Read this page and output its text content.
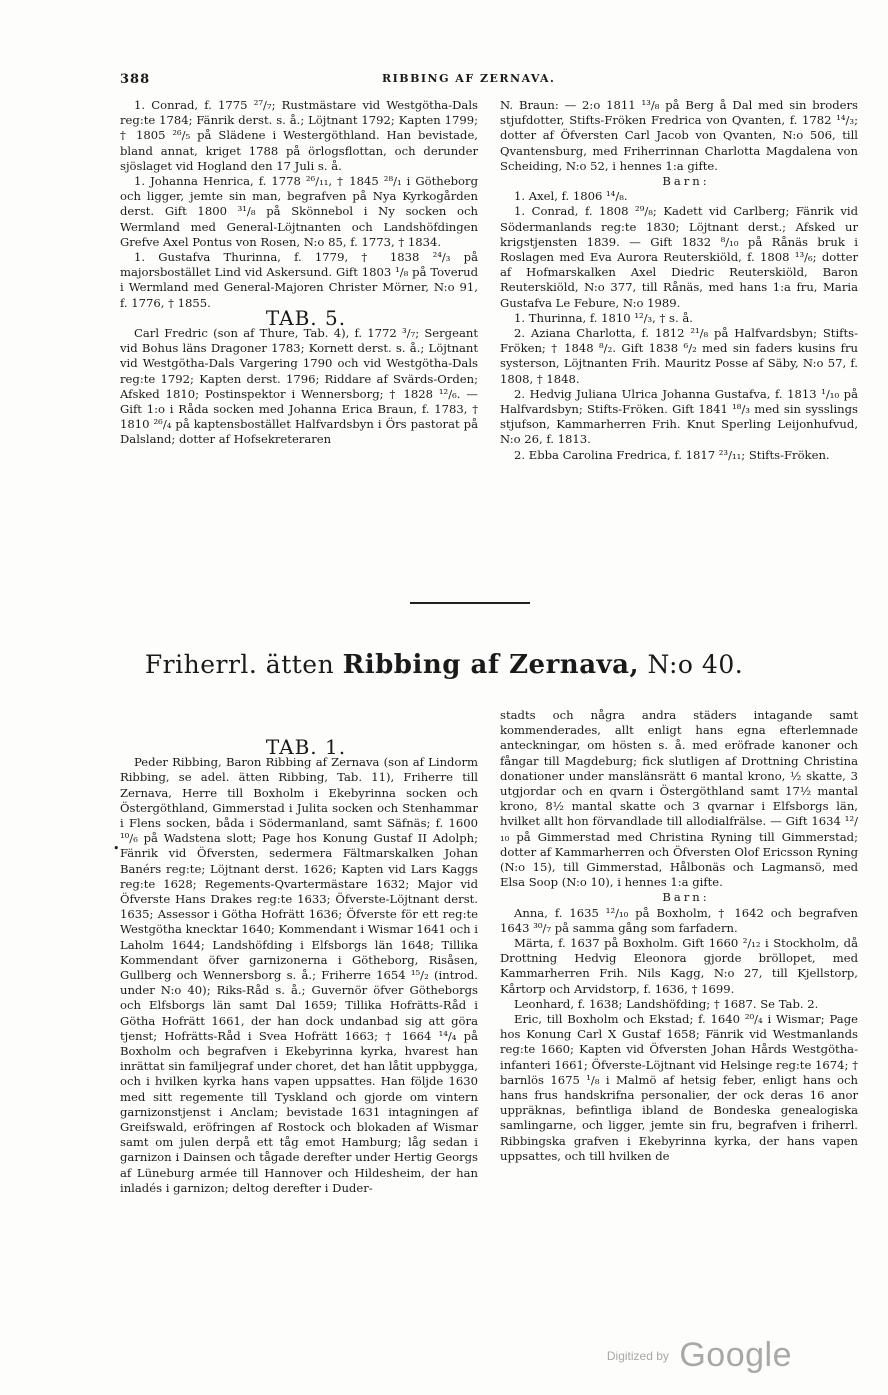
388	RIBBING AF ZERNAVA.

1. Conrad, f. 1775 ²⁷/₇; Rustmästare vid Westgötha-Dals reg:te 1784; Fänrik derst. s. å.; Löjtnant 1792; Kapten 1799; † 1805 ²⁶/₅ på Slädene i Westergöthland. Han bevistade, bland annat, kriget 1788 på örlogsflottan, och derunder sjöslaget vid Hogland den 17 Juli s. å.

1. Johanna Henrica, f. 1778 ²⁶/₁₁, † 1845 ²⁸/₁ i Götheborg och ligger, jemte sin man, begrafven på Nya Kyrkogården derst. Gift 1800 ³¹/₈ på Skönnebol i Ny socken och Wermland med General-Löjtnanten och Landshöfdingen Grefve Axel Pontus von Rosen, N:o 85, f. 1773, † 1834.

1. Gustafva Thurinna, f. 1779, † 1838 ²⁴/₃ på majorsbostället Lind vid Askersund. Gift 1803 ¹/₈ på Toverud i Wermland med General-Majoren Christer Mörner, N:o 91, f. 1776, † 1855.

TAB. 5.

Carl Fredric (son af Thure, Tab. 4), f. 1772 ³/₇; Sergeant vid Bohus läns Dragoner 1783; Kornett derst. s. å.; Löjtnant vid Westgötha-Dals Vargering 1790 och vid Westgötha-Dals reg:te 1792; Kapten derst. 1796; Riddare af Svärds-Orden; Afsked 1810; Postinspektor i Wennersborg; † 1828 ¹²/₆. — Gift 1:o i Råda socken med Johanna Erica Braun, f. 1783, † 1810 ²⁶/₄ på kaptensbostället Halfvardsbyn i Örs pastorat på Dalsland; dotter af Hofsekreteraren

N. Braun: — 2:o 1811 ¹³/₈ på Berg å Dal med sin broders stjufdotter, Stifts-Fröken Fredrica von Qvanten, f. 1782 ¹⁴/₃; dotter af Öfversten Carl Jacob von Qvanten, N:o 506, till Qvantensburg, med Friherrinnan Charlotta Magdalena von Scheiding, N:o 52, i hennes 1:a gifte.

Barn:

1. Axel, f. 1806 ¹⁴/₈.

1. Conrad, f. 1808 ²⁹/₈; Kadett vid Carlberg; Fänrik vid Södermanlands reg:te 1830; Löjtnant derst.; Afsked ur krigstjensten 1839. — Gift 1832 ⁸/₁₀ på Rånäs bruk i Roslagen med Eva Aurora Reuterskiöld, f. 1808 ¹³/₆; dotter af Hofmarskalken Axel Diedric Reuterskiöld, Baron Reuterskiöld, N:o 377, till Rånäs, med hans 1:a fru, Maria Gustafva Le Febure, N:o 1989.

1. Thurinna, f. 1810 ¹²/₃, † s. å.

2. Aziana Charlotta, f. 1812 ²¹/₈ på Halfvardsbyn; Stifts-Fröken; † 1848 ⁸/₂. Gift 1838 ⁶/₂ med sin faders kusins fru systerson, Löjtnanten Frih. Mauritz Posse af Säby, N:o 57, f. 1808, † 1848.

2. Hedvig Juliana Ulrica Johanna Gustafva, f. 1813 ¹/₁₀ på Halfvardsbyn; Stifts-Fröken. Gift 1841 ¹⁸/₃ med sin sysslings stjufson, Kammarherren Frih. Knut Sperling Leijonhufvud, N:o 26, f. 1813.

2. Ebba Carolina Fredrica, f. 1817 ²³/₁₁; Stifts-Fröken.

Friherrl. ätten Ribbing af Zernava, N:o 40.

TAB. 1.

Peder Ribbing, Baron Ribbing af Zernava (son af Lindorm Ribbing, se adel. ätten Ribbing, Tab. 11), Friherre till Zernava, Herre till Boxholm i Ekebyrinna socken och Östergöthland, Gimmerstad i Julita socken och Stenhammar i Flens socken, båda i Södermanland, samt Säfnäs; f. 1600 ¹⁰/₆ på Wadstena slott; Page hos Konung Gustaf II Adolph; Fänrik vid Öfversten, sedermera Fältmarskalken Johan Banérs reg:te; Löjtnant derst. 1626; Kapten vid Lars Kaggs reg:te 1628; Regements-Qvartermästare 1632; Major vid Öfverste Hans Drakes reg:te 1633; Öfverste-Löjtnant derst. 1635; Assessor i Götha Hofrätt 1636; Öfverste för ett reg:te Westgötha knecktar 1640; Kommendant i Wismar 1641 och i Laholm 1644; Landshöfding i Elfsborgs län 1648; Tillika Kommendant öfver garnizonerna i Götheborg, Risåsen, Gullberg och Wennersborg s. å.; Friherre 1654 ¹⁵/₂ (introd. under N:o 40); Riks-Råd s. å.; Guvernör öfver Götheborgs och Elfsborgs län samt Dal 1659; Tillika Hofrätts-Råd i Götha Hofrätt 1661, der han dock undanbad sig att göra tjenst; Hofrätts-Råd i Svea Hofrätt 1663; † 1664 ¹⁴/₄ på Boxholm och begrafven i Ekebyrinna kyrka, hvarest han inrättat sin familjegraf under choret, det han låtit uppbygga, och i hvilken kyrka hans vapen uppsattes. Han följde 1630 med sitt regemente till Tyskland och gjorde om vintern garnizonstjenst i Anclam; bevistade 1631 intagningen af Greifswald, eröfringen af Rostock och blokaden af Wismar samt om julen derpå ett tåg emot Hamburg; låg sedan i garnizon i Dainsen och tågade derefter under Hertig Georgs af Lüneburg armée till Hannover och Hildesheim, der han inladés i garnizon; deltog derefter i Duder-

•

stadts och några andra städers intagande samt kommenderades, allt enligt hans egna efterlemnade anteckningar, om hösten s. å. med eröfrade kanoner och fångar till Magdeburg; fick slutligen af Drottning Christina donationer under manslänsrätt 6 mantal krono, ½ skatte, 3 utgjordar och en qvarn i Östergöthland samt 17½ mantal krono, 8½ mantal skatte och 3 qvarnar i Elfsborgs län, hvilket allt hon förvandlade till allodialfrälse. — Gift 1634 ¹²/₁₀ på Gimmerstad med Christina Ryning till Gimmerstad; dotter af Kammarherren och Öfversten Olof Ericsson Ryning (N:o 15), till Gimmerstad, Hålbonäs och Lagmansö, med Elsa Soop (N:o 10), i hennes 1:a gifte.

Barn:

Anna, f. 1635 ¹²/₁₀ på Boxholm, † 1642 och begrafven 1643 ³⁰/₇ på samma gång som farfadern.

Märta, f. 1637 på Boxholm. Gift 1660 ²/₁₂ i Stockholm, då Drottning Hedvig Eleonora gjorde bröllopet, med Kammarherren Frih. Nils Kagg, N:o 27, till Kjellstorp, Kårtorp och Arvidstorp, f. 1636, † 1699.

Leonhard, f. 1638; Landshöfding; † 1687. Se Tab. 2.

Eric, till Boxholm och Ekstad; f. 1640 ²⁰/₄ i Wismar; Page hos Konung Carl X Gustaf 1658; Fänrik vid Westmanlands reg:te 1660; Kapten vid Öfversten Johan Hårds Westgötha-infanteri 1661; Öfverste-Löjtnant vid Helsinge reg:te 1674; † barnlös 1675 ¹/₈ i Malmö af hetsig feber, enligt hans och hans frus handskrifna personalier, der ock deras 16 anor uppräknas, befintliga ibland de Bondeska genealogiska samlingarne, och ligger, jemte sin fru, begrafven i friherrl. Ribbingska grafven i Ekebyrinna kyrka, der hans vapen uppsattes, och till hvilken de

Digitized by Google
